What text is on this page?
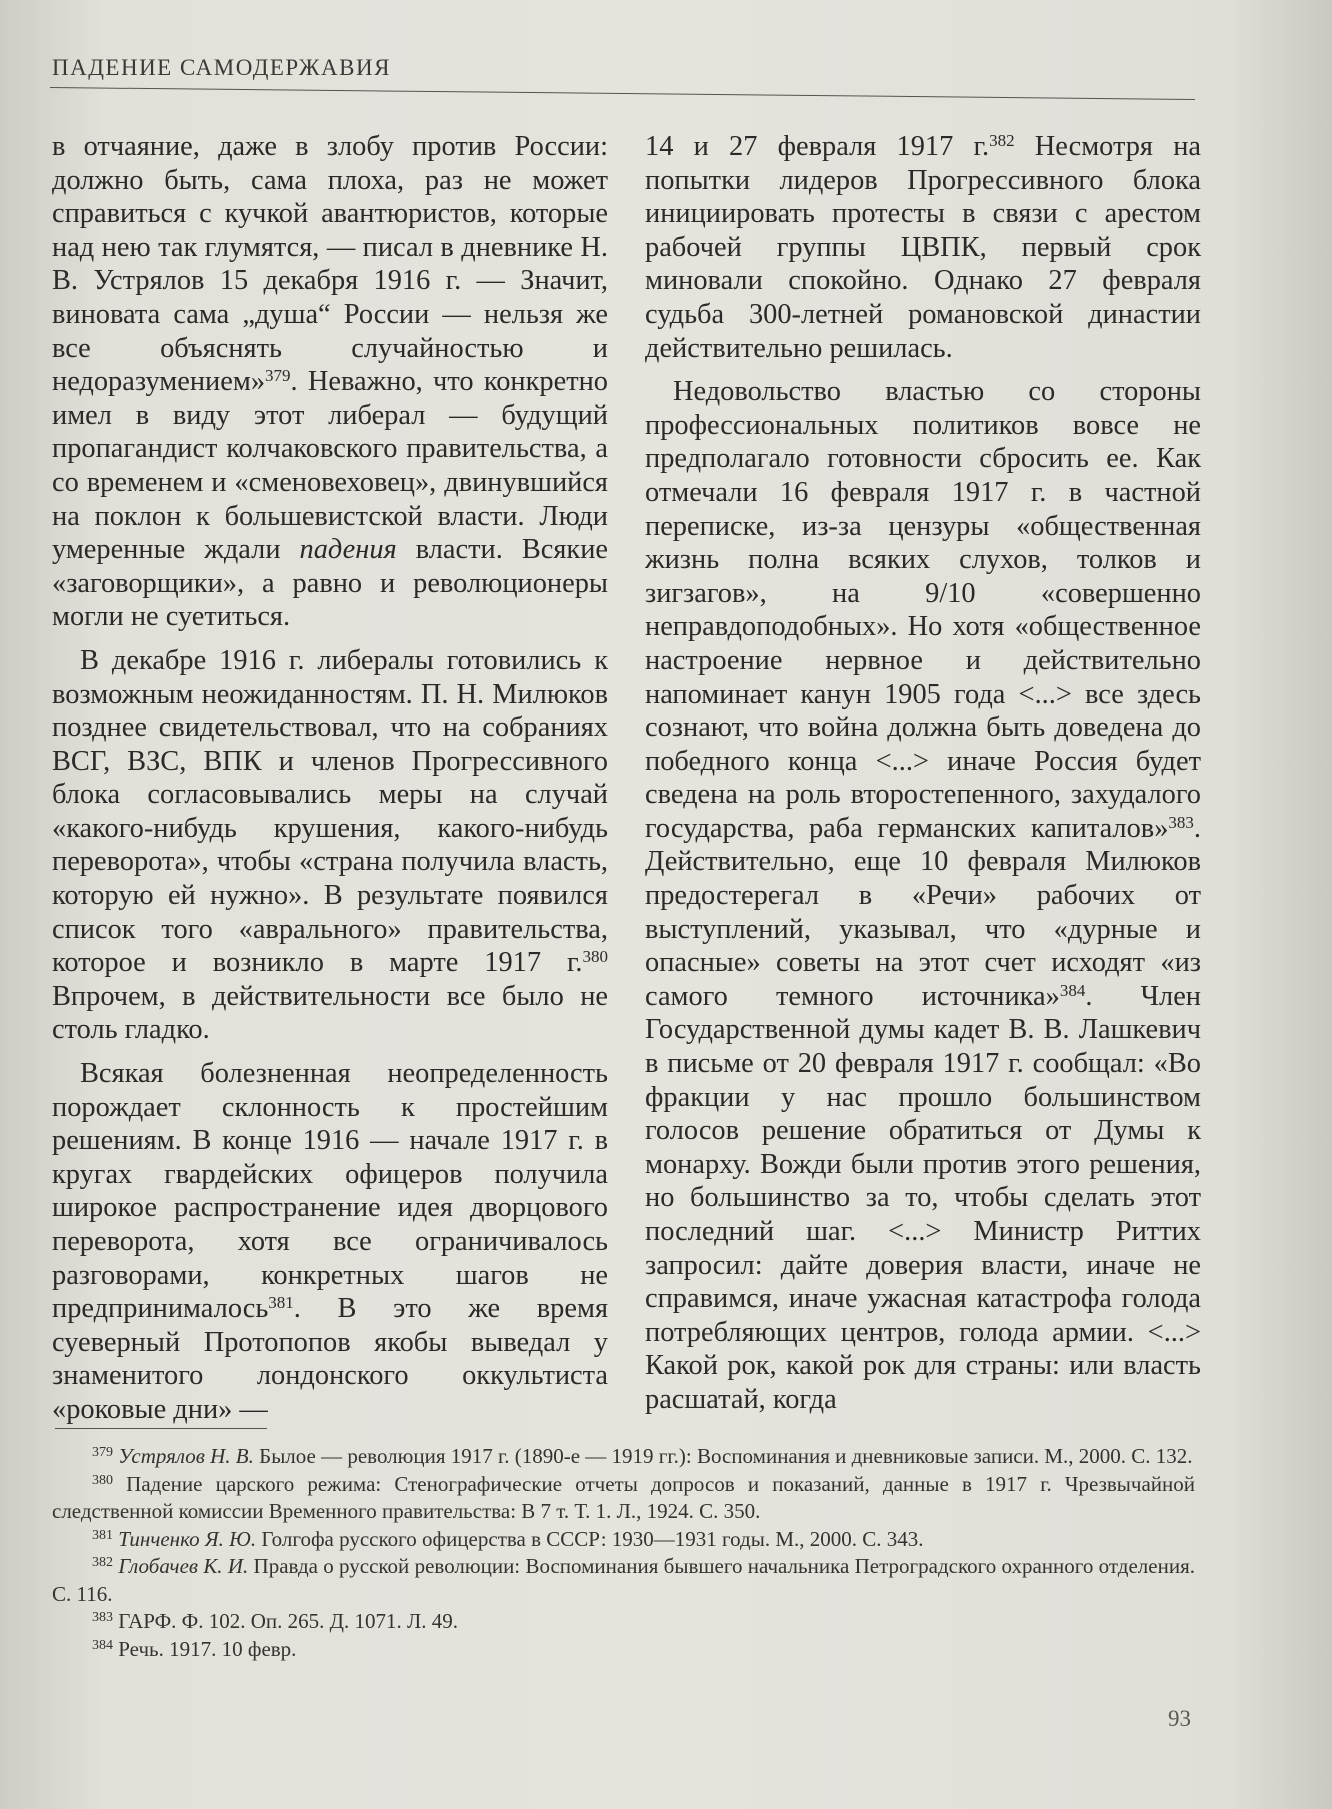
ПАДЕНИЕ САМОДЕРЖАВИЯ

в отчаяние, даже в злобу против России: должно быть, сама плоха, раз не может справиться с кучкой авантюристов, которые над нею так глумятся, — писал в дневнике Н. В. Устрялов 15 декабря 1916 г. — Значит, виновата сама „душа“ России — нельзя же все объяснять случайностью и недоразумением»$^{379}$. Неважно, что конкретно имел в виду этот либерал — будущий пропагандист колчаковского правительства, а со временем и «сменовеховец», двинувшийся на поклон к большевистской власти. Люди умеренные ждали падения власти. Всякие «заговорщики», а равно и революционеры могли не суетиться.

В декабре 1916 г. либералы готовились к возможным неожиданностям. П. Н. Милюков позднее свидетельствовал, что на собраниях ВСГ, ВЗС, ВПК и членов Прогрессивного блока согласовывались меры на случай «какого-нибудь крушения, какого-нибудь переворота», чтобы «страна получила власть, которую ей нужно». В результате появился список того «аврального» правительства, которое и возникло в марте 1917 г.$^{380}$ Впрочем, в действительности все было не столь гладко.

Всякая болезненная неопределенность порождает склонность к простейшим решениям. В конце 1916 — начале 1917 г. в кругах гвардейских офицеров получила широкое распространение идея дворцового переворота, хотя все ограничивалось разговорами, конкретных шагов не предпринималось$^{381}$. В это же время суеверный Протопопов якобы выведал у знаменитого лондонского оккультиста «роковые дни» —

14 и 27 февраля 1917 г.$^{382}$ Несмотря на попытки лидеров Прогрессивного блока инициировать протесты в связи с арестом рабочей группы ЦВПК, первый срок миновали спокойно. Однако 27 февраля судьба 300-летней романовской династии действительно решилась.

Недовольство властью со стороны профессиональных политиков вовсе не предполагало готовности сбросить ее. Как отмечали 16 февраля 1917 г. в частной переписке, из-за цензуры «общественная жизнь полна всяких слухов, толков и зигзагов», на 9/10 «совершенно неправдоподобных». Но хотя «общественное настроение нервное и действительно напоминает канун 1905 года <...> все здесь сознают, что война должна быть доведена до победного конца <...> иначе Россия будет сведена на роль второстепенного, захудалого государства, раба германских капиталов»$^{383}$. Действительно, еще 10 февраля Милюков предостерегал в «Речи» рабочих от выступлений, указывал, что «дурные и опасные» советы на этот счет исходят «из самого темного источника»$^{384}$. Член Государственной думы кадет В. В. Лашкевич в письме от 20 февраля 1917 г. сообщал: «Во фракции у нас прошло большинством голосов решение обратиться от Думы к монарху. Вожди были против этого решения, но большинство за то, чтобы сделать этот последний шаг. <...> Министр Риттих запросил: дайте доверия власти, иначе не справимся, иначе ужасная катастрофа голода потребляющих центров, голода армии. <...> Какой рок, какой рок для страны: или власть расшатай, когда

$^{379}$ Устрялов Н. В. Былое — революция 1917 г. (1890-е — 1919 гг.): Воспоминания и дневниковые записи. М., 2000. С. 132.

$^{380}$ Падение царского режима: Стенографические отчеты допросов и показаний, данные в 1917 г. Чрезвычайной следственной комиссии Временного правительства: В 7 т. Т. 1. Л., 1924. С. 350.

$^{381}$ Тинченко Я. Ю. Голгофа русского офицерства в СССР: 1930—1931 годы. М., 2000. С. 343.

$^{382}$ Глобачев К. И. Правда о русской революции: Воспоминания бывшего начальника Петроградского охранного отделения. С. 116.

$^{383}$ ГАРФ. Ф. 102. Оп. 265. Д. 1071. Л. 49.

$^{384}$ Речь. 1917. 10 февр.

93
